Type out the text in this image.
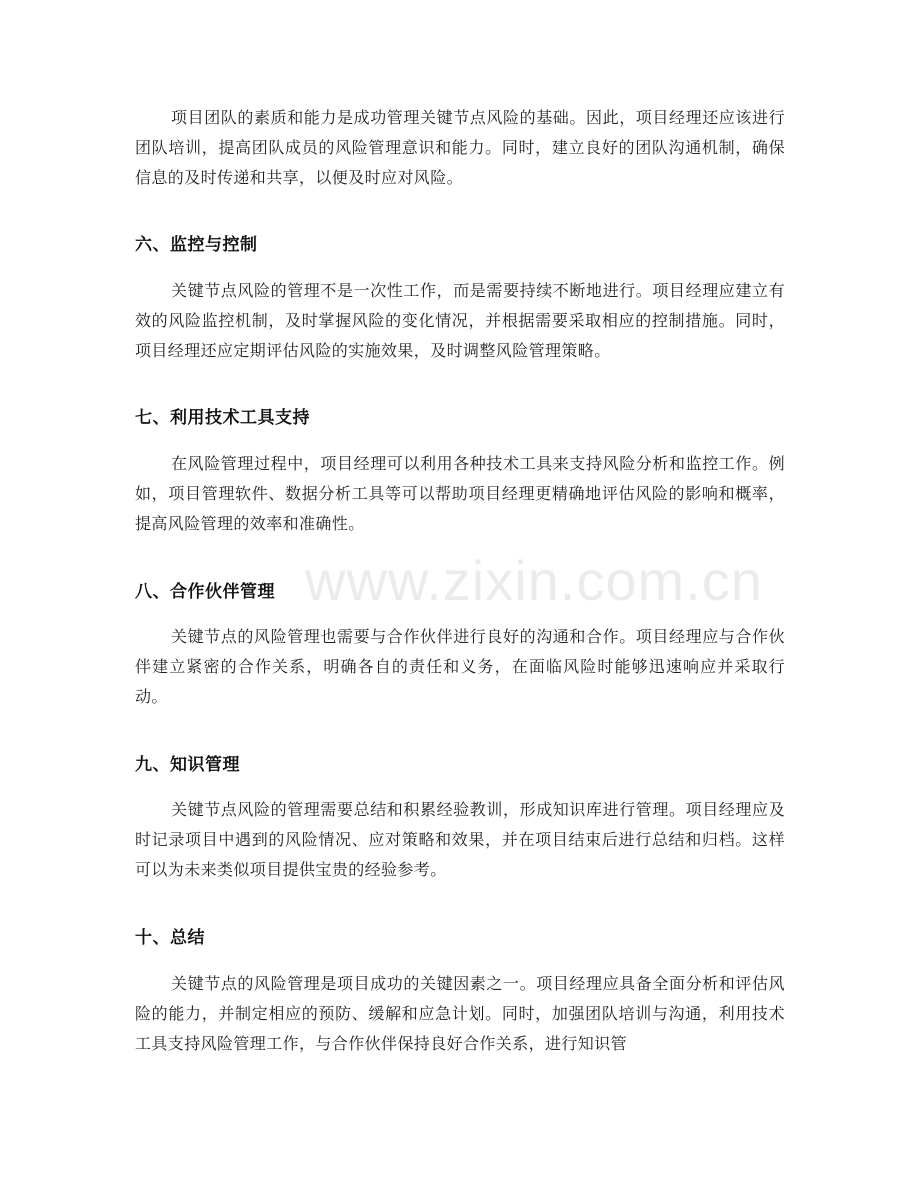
项目团队的素质和能力是成功管理关键节点风险的基础。因此，项目经理还应该进行团队培训，提高团队成员的风险管理意识和能力。同时，建立良好的团队沟通机制，确保信息的及时传递和共享，以便及时应对风险。

六、监控与控制

关键节点风险的管理不是一次性工作，而是需要持续不断地进行。项目经理应建立有效的风险监控机制，及时掌握风险的变化情况，并根据需要采取相应的控制措施。同时，项目经理还应定期评估风险的实施效果，及时调整风险管理策略。

七、利用技术工具支持

在风险管理过程中，项目经理可以利用各种技术工具来支持风险分析和监控工作。例如，项目管理软件、数据分析工具等可以帮助项目经理更精确地评估风险的影响和概率，提高风险管理的效率和准确性。

八、合作伙伴管理

关键节点的风险管理也需要与合作伙伴进行良好的沟通和合作。项目经理应与合作伙伴建立紧密的合作关系，明确各自的责任和义务，在面临风险时能够迅速响应并采取行动。

九、知识管理

关键节点风险的管理需要总结和积累经验教训，形成知识库进行管理。项目经理应及时记录项目中遇到的风险情况、应对策略和效果，并在项目结束后进行总结和归档。这样可以为未来类似项目提供宝贵的经验参考。

十、总结

关键节点的风险管理是项目成功的关键因素之一。项目经理应具备全面分析和评估风险的能力，并制定相应的预防、缓解和应急计划。同时，加强团队培训与沟通，利用技术工具支持风险管理工作，与合作伙伴保持良好合作关系，进行知识管

www.zixin.com.cn
